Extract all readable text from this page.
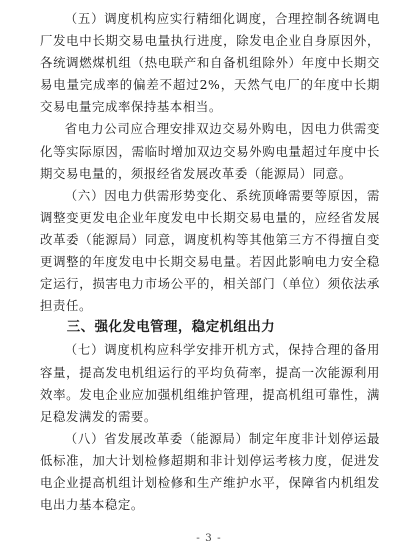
（五）调度机构应实行精细化调度，合理控制各统调电厂发电中长期交易电量执行进度，除发电企业自身原因外，各统调燃煤机组（热电联产和自备机组除外）年度中长期交易电量完成率的偏差不超过2%，天然气电厂的年度中长期交易电量完成率保持基本相当。

省电力公司应合理安排双边交易外购电，因电力供需变化等实际原因，需临时增加双边交易外购电量超过年度中长期交易电量的，须报经省发展改革委（能源局）同意。

（六）因电力供需形势变化、系统顶峰需要等原因，需调整变更发电企业年度发电中长期交易电量的，应经省发展改革委（能源局）同意，调度机构等其他第三方不得擅自变更调整的年度发电中长期交易电量。若因此影响电力安全稳定运行，损害电力市场公平的，相关部门（单位）须依法承担责任。

三、强化发电管理，稳定机组出力

（七）调度机构应科学安排开机方式，保持合理的备用容量，提高发电机组运行的平均负荷率，提高一次能源利用效率。发电企业应加强机组维护管理，提高机组可靠性，满足稳发满发的需要。

（八）省发展改革委（能源局）制定年度非计划停运最低标准，加大计划检修超期和非计划停运考核力度，促进发电企业提高机组计划检修和生产维护水平，保障省内机组发电出力基本稳定。

- 3 -
